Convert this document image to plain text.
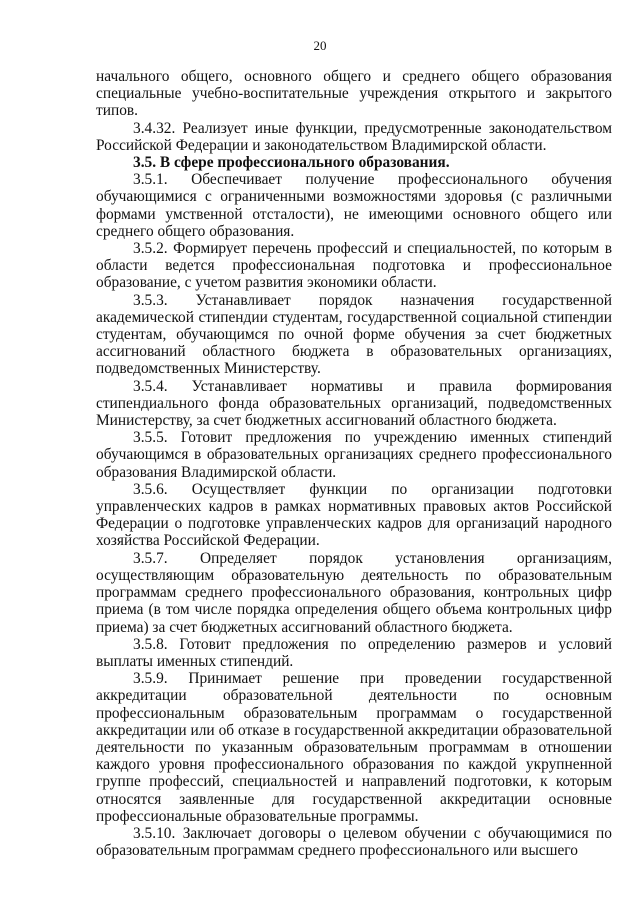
20

начального общего, основного общего и среднего общего образования специальные учебно-воспитательные учреждения открытого и закрытого типов.

3.4.32. Реализует иные функции, предусмотренные законодательством Российской Федерации и законодательством Владимирской области.

3.5. В сфере профессионального образования.

3.5.1. Обеспечивает получение профессионального обучения обучающимися с ограниченными возможностями здоровья (с различными формами умственной отсталости), не имеющими основного общего или среднего общего образования.

3.5.2. Формирует перечень профессий и специальностей, по которым в области ведется профессиональная подготовка и профессиональное образование, с учетом развития экономики области.

3.5.3. Устанавливает порядок назначения государственной академической стипендии студентам, государственной социальной стипендии студентам, обучающимся по очной форме обучения за счет бюджетных ассигнований областного бюджета в образовательных организациях, подведомственных Министерству.

3.5.4. Устанавливает нормативы и правила формирования стипендиального фонда образовательных организаций, подведомственных Министерству, за счет бюджетных ассигнований областного бюджета.

3.5.5. Готовит предложения по учреждению именных стипендий обучающимся в образовательных организациях среднего профессионального образования Владимирской области.

3.5.6. Осуществляет функции по организации подготовки управленческих кадров в рамках нормативных правовых актов Российской Федерации о подготовке управленческих кадров для организаций народного хозяйства Российской Федерации.

3.5.7. Определяет порядок установления организациям, осуществляющим образовательную деятельность по образовательным программам среднего профессионального образования, контрольных цифр приема (в том числе порядка определения общего объема контрольных цифр приема) за счет бюджетных ассигнований областного бюджета.

3.5.8. Готовит предложения по определению размеров и условий выплаты именных стипендий.

3.5.9. Принимает решение при проведении государственной аккредитации образовательной деятельности по основным профессиональным образовательным программам о государственной аккредитации или об отказе в государственной аккредитации образовательной деятельности по указанным образовательным программам в отношении каждого уровня профессионального образования по каждой укрупненной группе профессий, специальностей и направлений подготовки, к которым относятся заявленные для государственной аккредитации основные профессиональные образовательные программы.

3.5.10. Заключает договоры о целевом обучении с обучающимися по образовательным программам среднего профессионального или высшего
